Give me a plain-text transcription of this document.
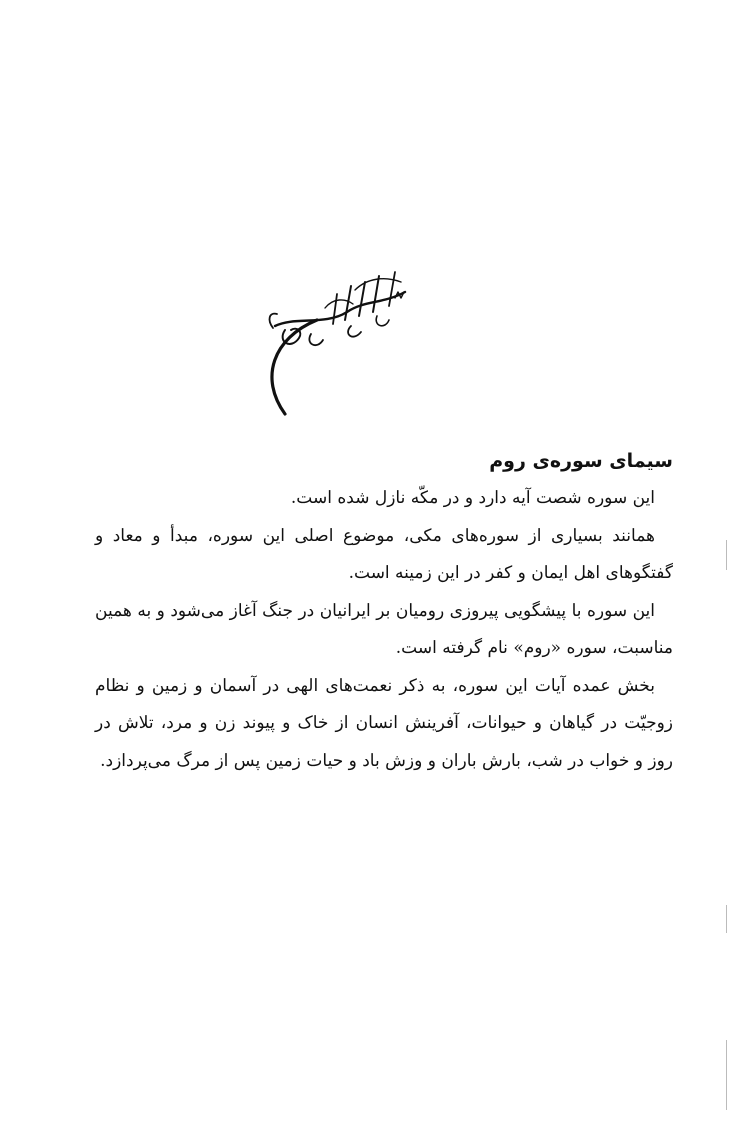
سیمای سوره‌ی روم

این سوره شصت آیه دارد و در مکّه نازل شده است.

همانند بسیاری از سوره‌های مکی، موضوع اصلی این سوره، مبدأ و معاد و گفتگوهای اهل ایمان و کفر در این زمینه است.

این سوره با پیشگویی پیروزی رومیان بر ایرانیان در جنگ آغاز می‌شود و به همین مناسبت، سوره «روم» نام گرفته است.

بخش عمده آیات این سوره، به ذکر نعمت‌های الهی در آسمان و زمین و نظام زوجیّت در گیاهان و حیوانات، آفرینش انسان از خاک و پیوند زن و مرد، تلاش در روز و خواب در شب، بارش باران و وزش باد و حیات زمین پس از مرگ می‌پردازد.
